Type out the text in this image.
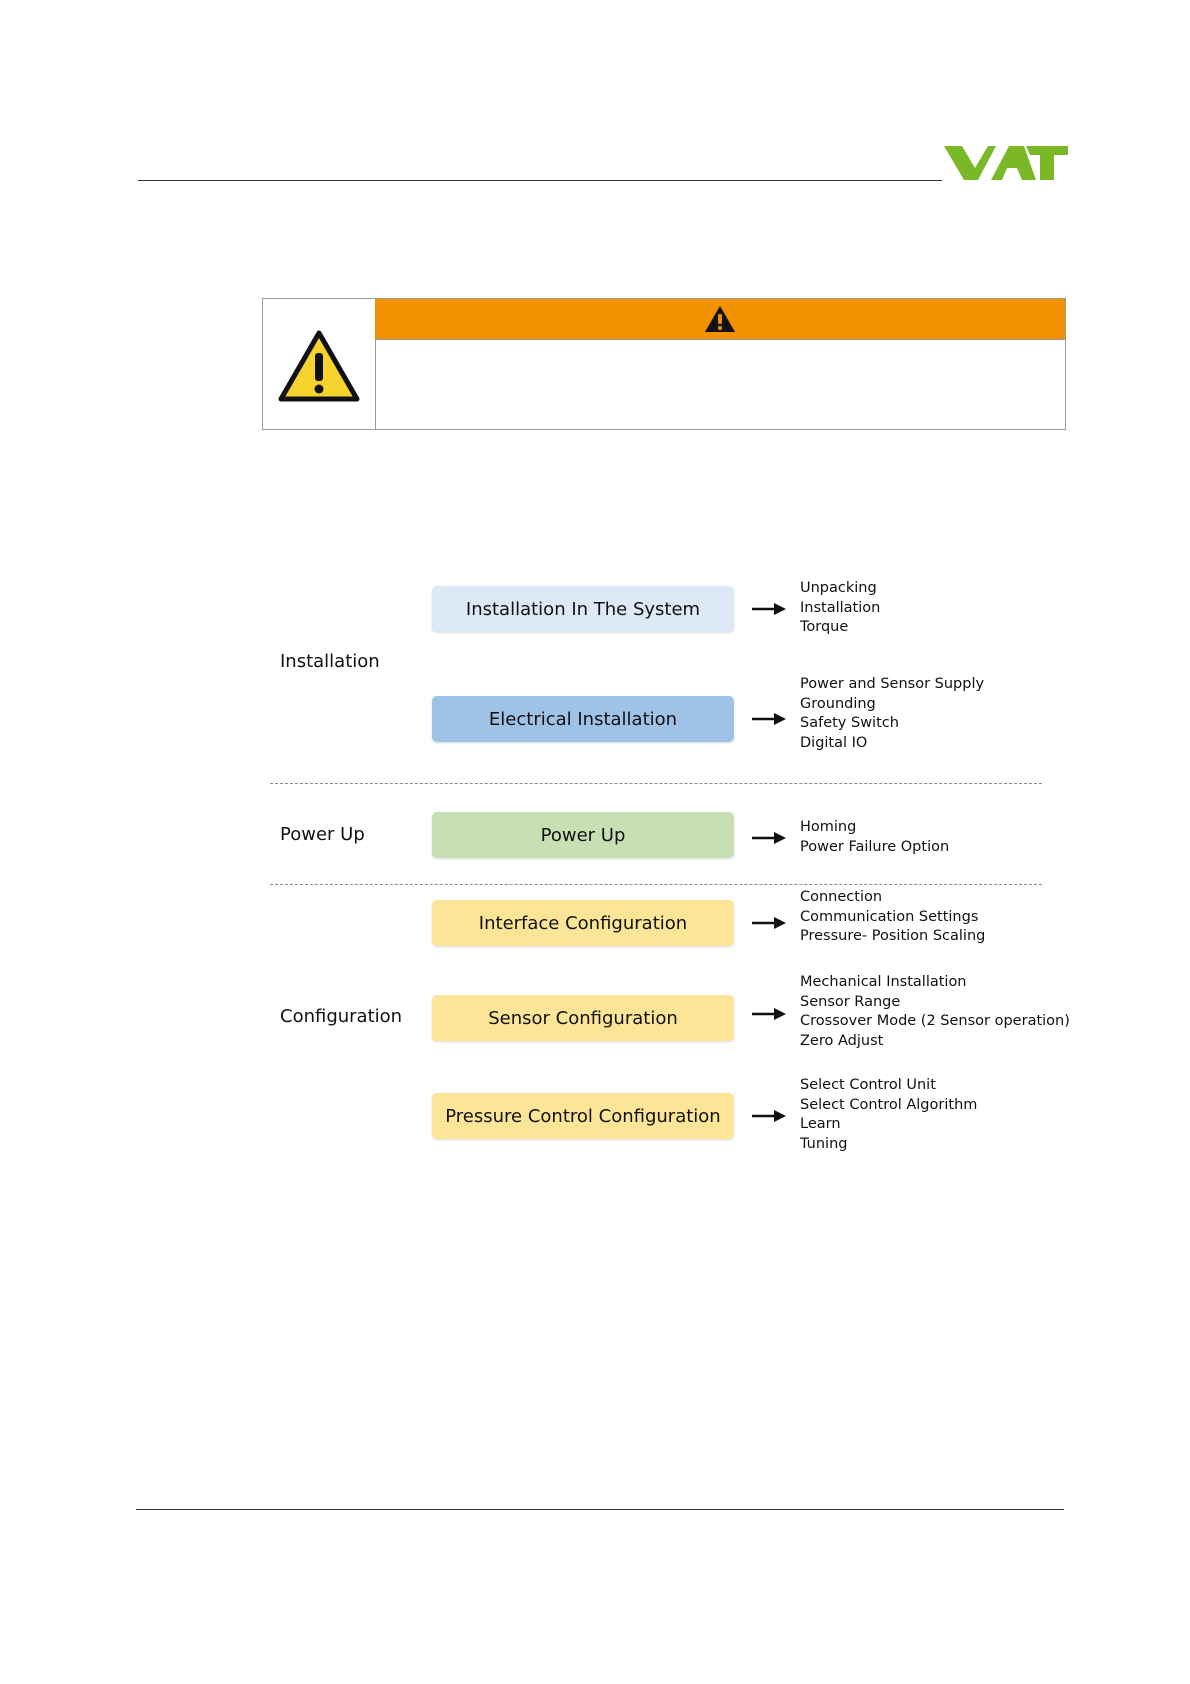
Installation
Power Up
Configuration
Installation In The System
Unpacking
Installation
Torque
Electrical Installation
Power and Sensor Supply
Grounding
Safety Switch
Digital IO
Power Up	Homing
Power Failure Option
Interface Configuration
Connection
Communication Settings
Pressure- Position Scaling
Sensor Configuration
Mechanical Installation
Sensor Range
Crossover Mode (2 Sensor operation)
Zero Adjust
Pressure Control Configuration
Select Control Unit
Select Control Algorithm
Learn
Tuning
